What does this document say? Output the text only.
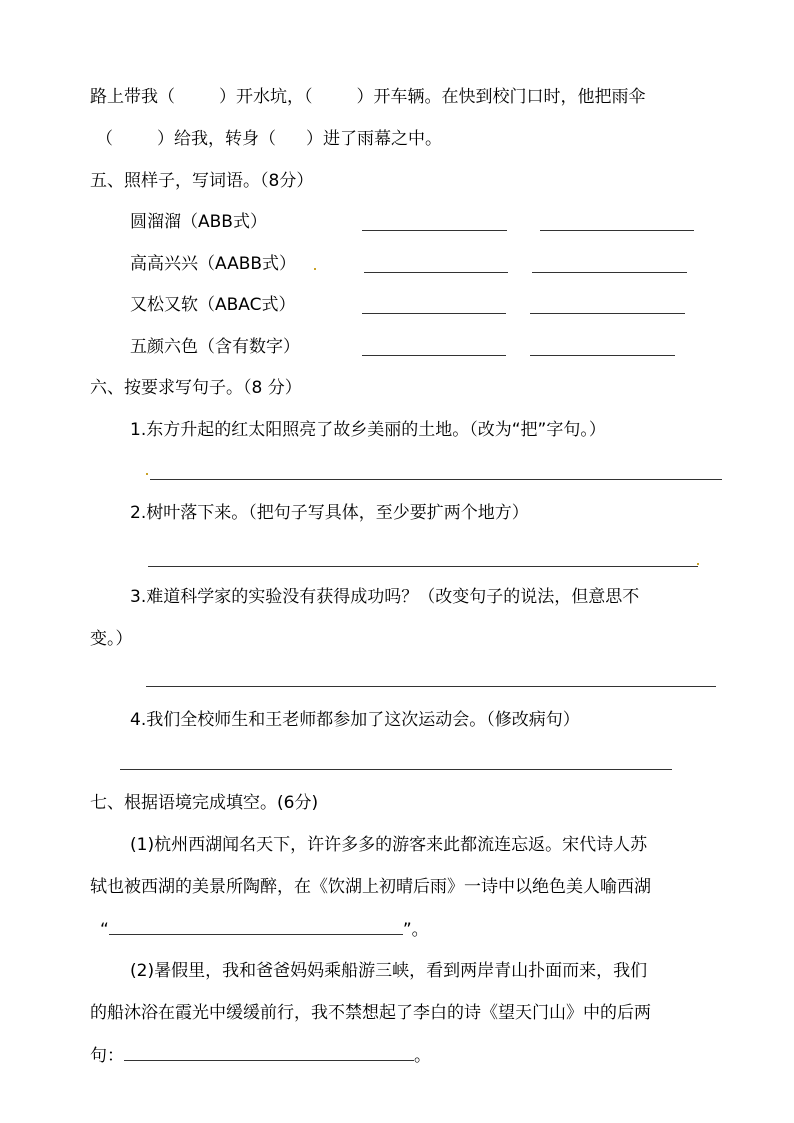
路上带我（	）开水坑，（	）开车辆。在快到校门口时，他把雨伞
（	）给我，转身（ ）进了雨幕之中。
五、照样子，写词语。（8分）
圆溜溜（ABB式）
高高兴兴（AABB式）
又松又软（ABAC式）
五颜六色（含有数字）
六、按要求写句子。（8 分）
1.东方升起的红太阳照亮了故乡美丽的土地。（改为“把”字句。）
2.树叶落下来。（把句子写具体，至少要扩两个地方）
3.难道科学家的实验没有获得成功吗？（改变句子的说法，但意思不
变。）
4.我们全校师生和王老师都参加了这次运动会。（修改病句）
七、根据语境完成填空。(6分)
(1)杭州西湖闻名天下，许许多多的游客来此都流连忘返。宋代诗人苏
轼也被西湖的美景所陶醉，在《饮湖上初晴后雨》一诗中以绝色美人喻西湖
“	”。
(2)暑假里，我和爸爸妈妈乘船游三峡，看到两岸青山扑面而来，我们
的船沐浴在霞光中缓缓前行，我不禁想起了李白的诗《望天门山》中的后两
句：	。
